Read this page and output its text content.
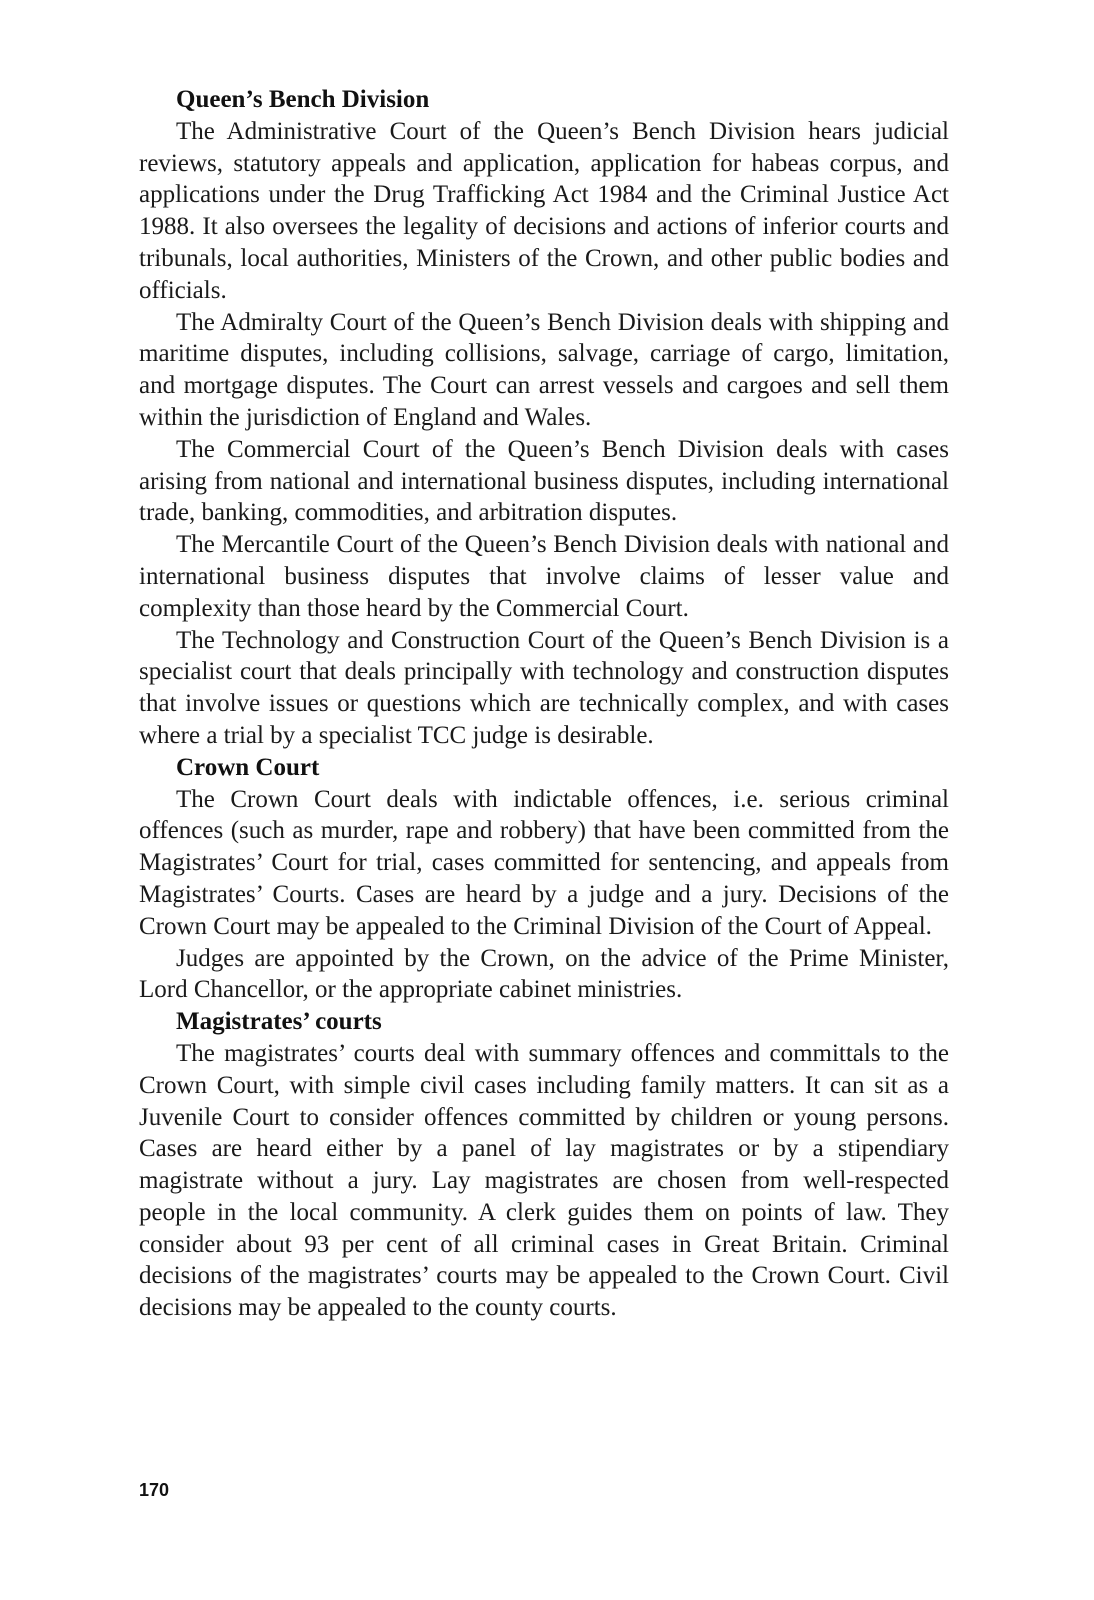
Queen’s Bench Division

The Administrative Court of the Queen’s Bench Division hears judicial reviews, statutory appeals and application, application for habeas corpus, and applications under the Drug Trafficking Act 1984 and the Criminal Justice Act 1988. It also oversees the legality of decisions and actions of inferior courts and tribunals, local authorities, Ministers of the Crown, and other public bodies and officials.

The Admiralty Court of the Queen’s Bench Division deals with shipping and maritime disputes, including collisions, salvage, carriage of cargo, limitation, and mortgage disputes. The Court can arrest vessels and cargoes and sell them within the jurisdiction of England and Wales.

The Commercial Court of the Queen’s Bench Division deals with cases arising from national and international business disputes, including international trade, banking, commodities, and arbitration disputes.

The Mercantile Court of the Queen’s Bench Division deals with national and international business disputes that involve claims of lesser value and complexity than those heard by the Commercial Court.

The Technology and Construction Court of the Queen’s Bench Division is a specialist court that deals principally with technology and construction disputes that involve issues or questions which are technically complex, and with cases where a trial by a specialist TCC judge is desirable.

Crown Court

The Crown Court deals with indictable offences, i.e. serious criminal offences (such as murder, rape and robbery) that have been committed from the Magistrates’ Court for trial, cases committed for sentencing, and appeals from Magistrates’ Courts. Cases are heard by a judge and a jury. Decisions of the Crown Court may be appealed to the Criminal Division of the Court of Appeal.

Judges are appointed by the Crown, on the advice of the Prime Minister, Lord Chancellor, or the appropriate cabinet ministries.

Magistrates’ courts

The magistrates’ courts deal with summary offences and committals to the Crown Court, with simple civil cases including family matters. It can sit as a Juvenile Court to consider offences committed by children or young persons. Cases are heard either by a panel of lay magistrates or by a stipendiary magistrate without a jury. Lay magistrates are chosen from well-respected people in the local community. A clerk guides them on points of law. They consider about 93 per cent of all criminal cases in Great Britain. Criminal decisions of the magistrates’ courts may be appealed to the Crown Court. Civil decisions may be appealed to the county courts.

170
